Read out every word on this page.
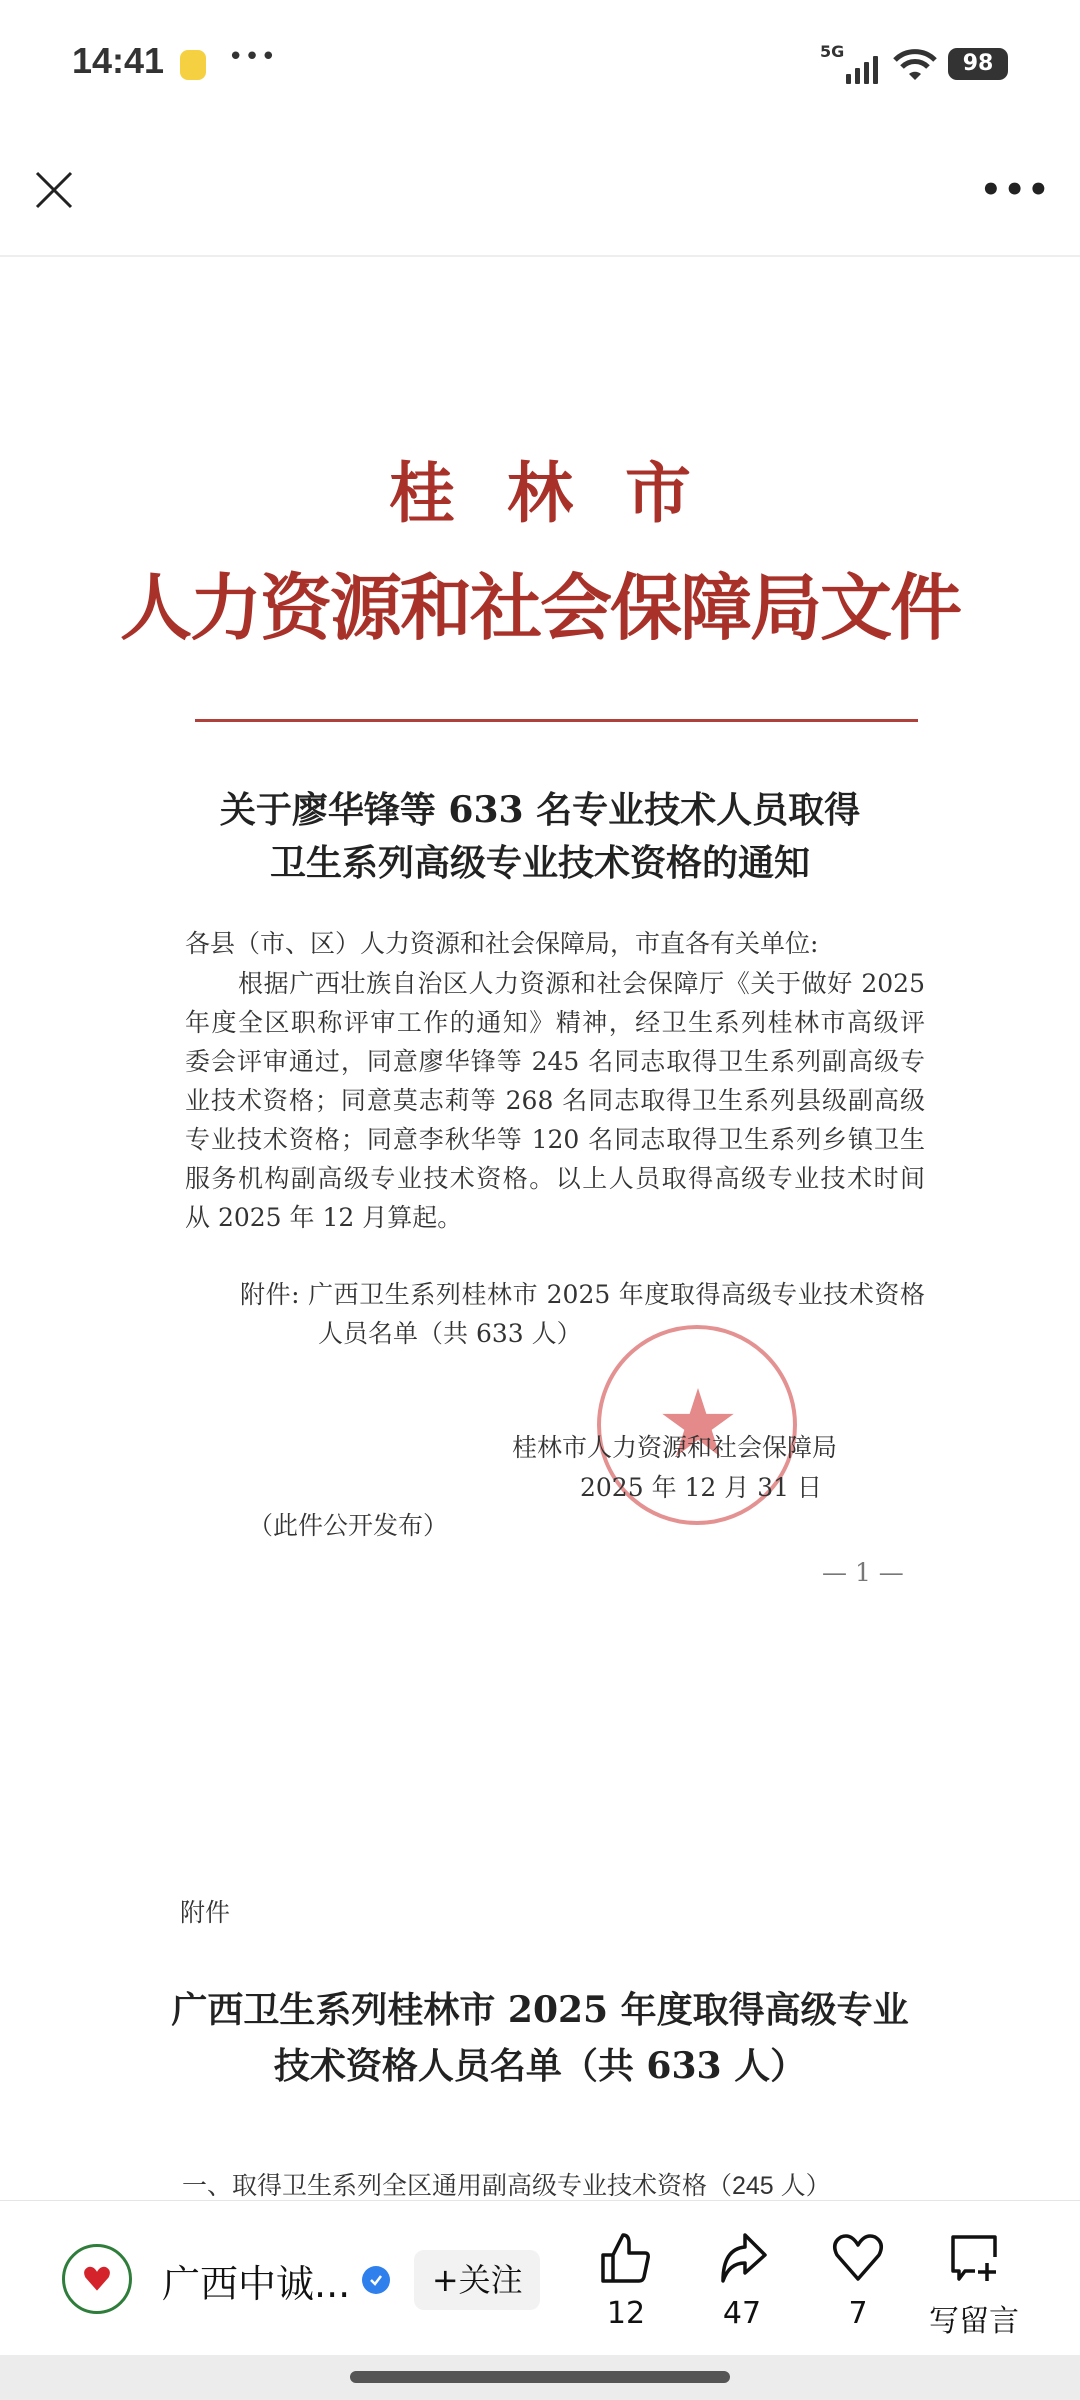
14:41 •••	5G	98
•••
桂林市
人力资源和社会保障局文件
关于廖华锋等 633 名专业技术人员取得
卫生系列高级专业技术资格的通知
各县（市、区）人力资源和社会保障局，市直各有关单位:
根据广西壮族自治区人力资源和社会保障厅《关于做好 2025
年度全区职称评审工作的通知》精神，经卫生系列桂林市高级评
委会评审通过，同意廖华锋等 245 名同志取得卫生系列副高级专
业技术资格；同意莫志莉等 268 名同志取得卫生系列县级副高级
专业技术资格；同意李秋华等 120 名同志取得卫生系列乡镇卫生
服务机构副高级专业技术资格。以上人员取得高级专业技术时间
从 2025 年 12 月算起。
附件: 广西卫生系列桂林市 2025 年度取得高级专业技术资格
人员名单（共 633 人）
桂林市人力资源和社会保障局
2025 年 12 月 31 日
（此件公开发布）
— 1 —
附件
广西卫生系列桂林市 2025 年度取得高级专业
技术资格人员名单（共 633 人）
一、取得卫生系列全区通用副高级专业技术资格（245 人）
广西中诚...	+关注
12	47	7	写留言
